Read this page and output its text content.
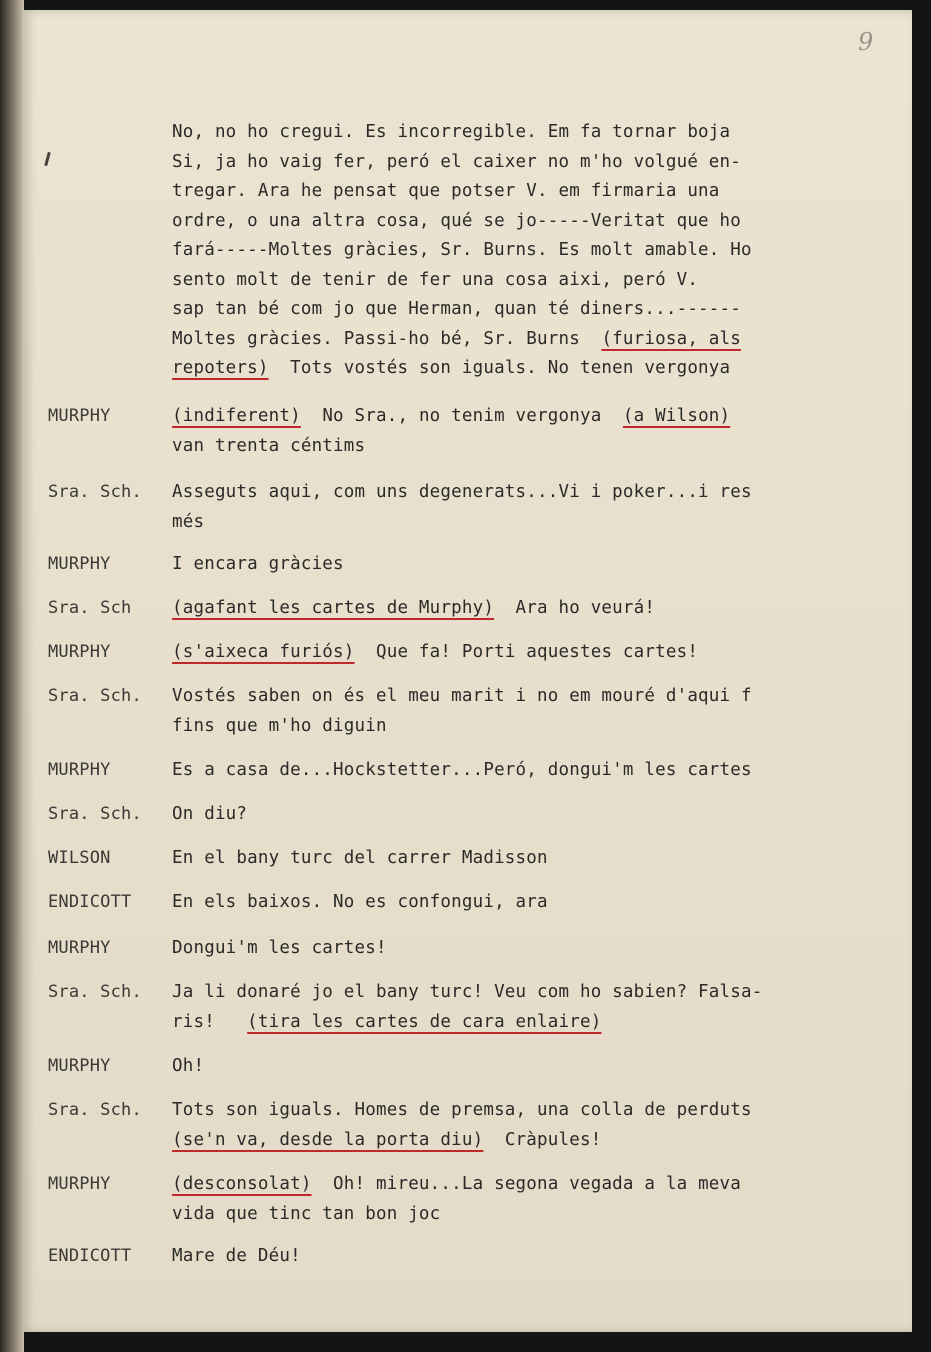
9
No, no ho cregui. Es incorregible. Em fa tornar boja
Si, ja ho vaig fer, peró el caixer no m'ho volgué en-
tregar. Ara he pensat que potser V. em firmaria una
ordre, o una altra cosa, qué se jo-----Veritat que ho
fará-----Moltes gràcies, Sr. Burns. Es molt amable. Ho
sento molt de tenir de fer una cosa aixi, peró V.
sap tan bé com jo que Herman, quan té diners...------
Moltes gràcies. Passi-ho bé, Sr. Burns  (furiosa, als
repoters)  Tots vostés son iguals. No tenen vergonya
MURPHY	(indiferent)  No Sra., no tenim vergonya  (a Wilson)
van trenta céntims
Sra. Sch.	Asseguts aqui, com uns degenerats...Vi i poker...i res
més
MURPHY	I encara gràcies
Sra. Sch	(agafant les cartes de Murphy)  Ara ho veurá!
MURPHY	(s'aixeca furiós)  Que fa! Porti aquestes cartes!
Sra. Sch.	Vostés saben on és el meu marit i no em mouré d'aqui f
fins que m'ho diguin
MURPHY	Es a casa de...Hockstetter...Peró, dongui'm les cartes
Sra. Sch.	On diu?
WILSON	En el bany turc del carrer Madisson
ENDICOTT	En els baixos. No es confongui, ara
MURPHY	Dongui'm les cartes!
Sra. Sch.	Ja li donaré jo el bany turc! Veu com ho sabien? Falsa-
ris!   (tira les cartes de cara enlaire)
MURPHY	Oh!
Sra. Sch.	Tots son iguals. Homes de premsa, una colla de perduts
(se'n va, desde la porta diu)  Cràpules!
MURPHY	(desconsolat)  Oh! mireu...La segona vegada a la meva
vida que tinc tan bon joc
ENDICOTT	Mare de Déu!
